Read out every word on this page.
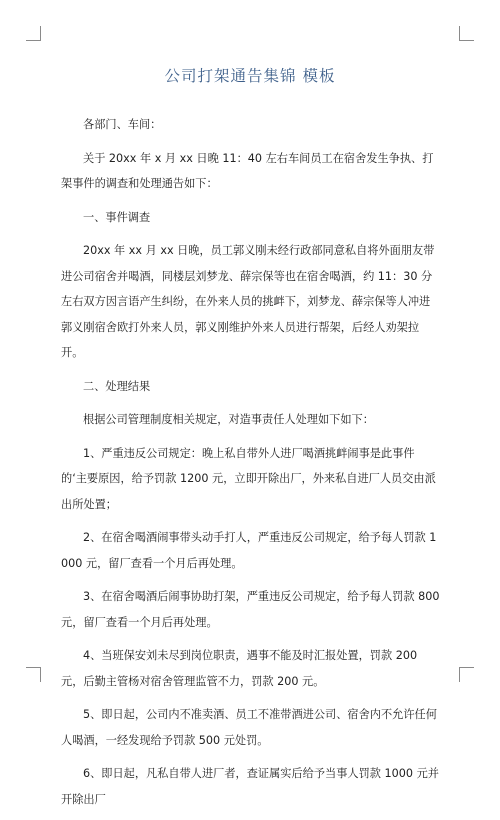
公司打架通告集锦 模板

各部门、车间：

关于 20xx 年 x 月 xx 日晚 11：40 左右车间员工在宿舍发生争执、打架事件的调查和处理通告如下：

一、事件调查

20xx 年 xx 月 xx 日晚，员工郭义刚未经行政部同意私自将外面朋友带进公司宿舍并喝酒，同楼层刘梦龙、薛宗保等也在宿舍喝酒，约 11：30 分左右双方因言语产生纠纷，在外来人员的挑衅下，刘梦龙、薛宗保等人冲进郭义刚宿舍欧打外来人员，郭义刚维护外来人员进行帮架，后经人劝架拉开。

二、处理结果

根据公司管理制度相关规定，对造事责任人处理如下如下：

1、严重违反公司规定：晚上私自带外人进厂喝酒挑衅闹事是此事件的‘主要原因，给予罚款 1200 元，立即开除出厂，外来私自进厂人员交由派出所处置；

2、在宿舍喝酒闹事带头动手打人，严重违反公司规定，给予每人罚款 1000 元，留厂查看一个月后再处理。

3、在宿舍喝酒后闹事协助打架，严重违反公司规定，给予每人罚款 800 元，留厂查看一个月后再处理。

4、当班保安刘未尽到岗位职责，遇事不能及时汇报处置，罚款 200 元，后勤主管杨对宿舍管理监管不力，罚款 200 元。

5、即日起，公司内不准卖酒、员工不准带酒进公司、宿舍内不允许任何人喝酒，一经发现给予罚款 500 元处罚。

6、即日起，凡私自带人进厂者，查证属实后给予当事人罚款 1000 元并开除出厂
